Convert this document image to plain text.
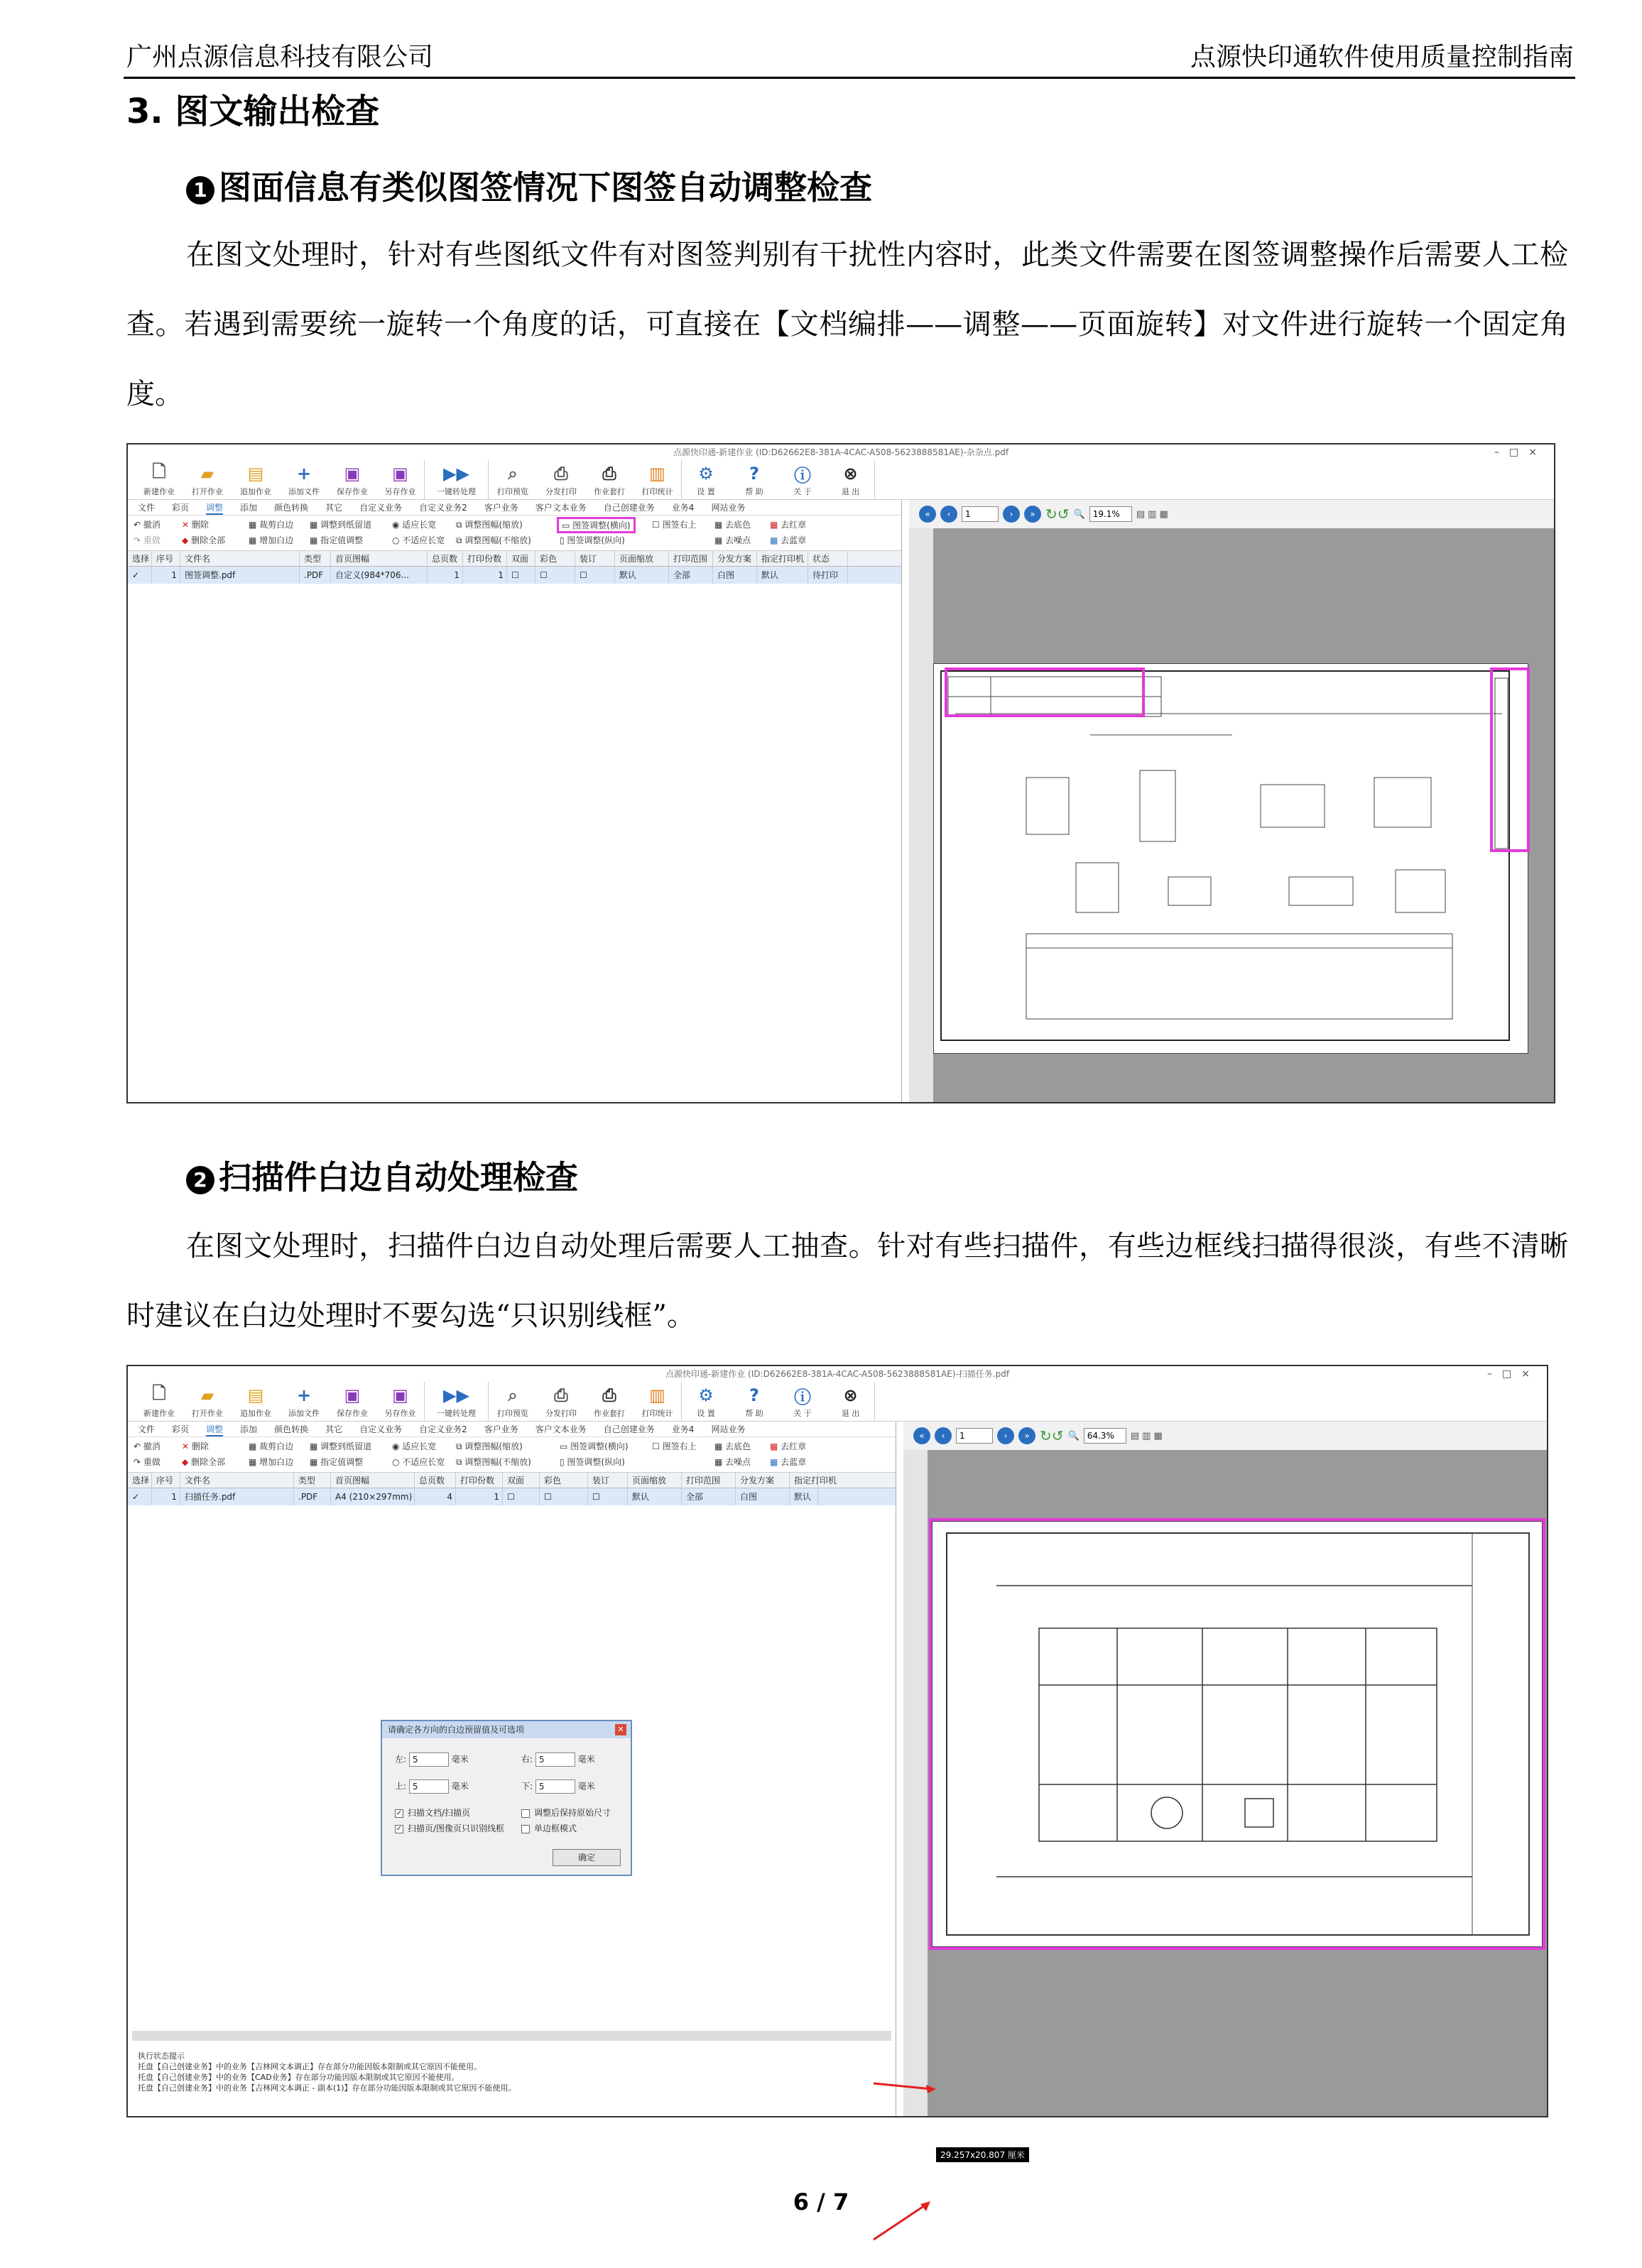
广州点源信息科技有限公司	点源快印通软件使用质量控制指南
3. 图文输出检查
1 图面信息有类似图签情况下图签自动调整检查

在图文处理时，针对有些图纸文件有对图签判别有干扰性内容时，此类文件需要在图签调整操作后需要人工检查。若遇到需要统一旋转一个角度的话，可直接在【文档编排——调整——页面旋转】对文件进行旋转一个固定角度。

点源快印通-新建作业 (ID:D62662E8-381A-4CAC-A508-5623888581AE)-杂杂点.pdf	–□×
🗋
新建作业
▰
打开作业
▤
追加作业
+
添加文件
▣
保存作业
▣
另存作业
▶▶
一键转处理
⌕
打印预览
⎙
分发打印
⎙
作业套打
▥
打印统计
⚙
设 置
?
帮 助
ⓘ
关 于
⊗
退 出
文件 彩页 调整 添加 颜色转换 其它 自定义业务 自定义业务2 客户业务 客户文本业务 自己创建业务 业务4 网站业务
↶ 撤消
↷ 重做
✕ 删除
◆ 删除全部
▦ 裁剪白边
▦ 增加白边
▦ 调整到纸留道
▦ 指定值调整
◉ 适应长宽
○ 不适应长宽
⧉ 调整图幅(缩放)
⧉ 调整图幅(不缩放)
▭ 图签调整(横向)
▯ 图签调整(纵向)
☐ 图签右上 ▦ 去底色
▦ 去噪点
▦ 去红章
▦ 去蓝章
选择 序号	文件名	类型	首页图幅	总页数	打印份数	双面	彩色	装订	页面缩放	打印范围	分发方案	指定打印机 状态
✓	1 图签调整.pdf	.PDF	自定义(984*706...	1	1 ☐	☐	☐	默认	全部	白图	默认	待打印
«	‹	1	›	» ↻↺ 🔍 19.1%	▤ ▥ ▦
2 扫描件白边自动处理检查

在图文处理时，扫描件白边自动处理后需要人工抽查。针对有些扫描件，有些边框线扫描得很淡，有些不清晰时建议在白边处理时不要勾选“只识别线框”。

点源快印通-新建作业 (ID:D62662E8-381A-4CAC-A508-5623888581AE)-扫描任务.pdf	–□×
🗋
新建作业
▰
打开作业
▤
追加作业
+
添加文件
▣
保存作业
▣
另存作业
▶▶
一键转处理
⌕
打印预览
⎙
分发打印
⎙
作业套打
▥
打印统计
⚙
设 置
?
帮 助
ⓘ
关 于
⊗
退 出
文件 彩页 调整 添加 颜色转换 其它 自定义业务 自定义业务2 客户业务 客户文本业务 自己创建业务 业务4 网站业务
↶ 撤消
↷ 重做
✕ 删除
◆ 删除全部
▦ 裁剪白边
▦ 增加白边
▦ 调整到纸留道
▦ 指定值调整
◉ 适应长宽
○ 不适应长宽
⧉ 调整图幅(缩放)
⧉ 调整图幅(不缩放)
▭ 图签调整(横向)
▯ 图签调整(纵向)
☐ 图签右上 ▦ 去底色
▦ 去噪点
▦ 去红章
▦ 去蓝章
选择 序号	文件名	类型	首页图幅	总页数	打印份数	双面	彩色	装订	页面缩放	打印范围	分发方案	指定打印机
✓	1 扫描任务.pdf	.PDF	A4 (210×297mm)	4	1 ☐	☐	☐	默认	全部	白图	默认
请确定各方向的白边预留值及可选项	✕
左: 5	毫米	右: 5	毫米
上: 5	毫米	下: 5	毫米
✓ 扫描文档/扫描页
✓ 扫描页/图像页只识别线框
调整后保持原始尺寸
单边框模式
确定
执行状态提示
托盘【自己创建业务】中的业务【吉林网文本调正】存在部分功能因版本限制或其它原因不能使用。
托盘【自己创建业务】中的业务【CAD业务】存在部分功能因版本限制或其它原因不能使用。
托盘【自己创建业务】中的业务【吉林网文本调正 - 副本(1)】存在部分功能因版本限制或其它原因不能使用。
«	‹	1	›	» ↻↺ 🔍 64.3%	▤ ▥ ▦
29.257x20.807 厘米
6 / 7
